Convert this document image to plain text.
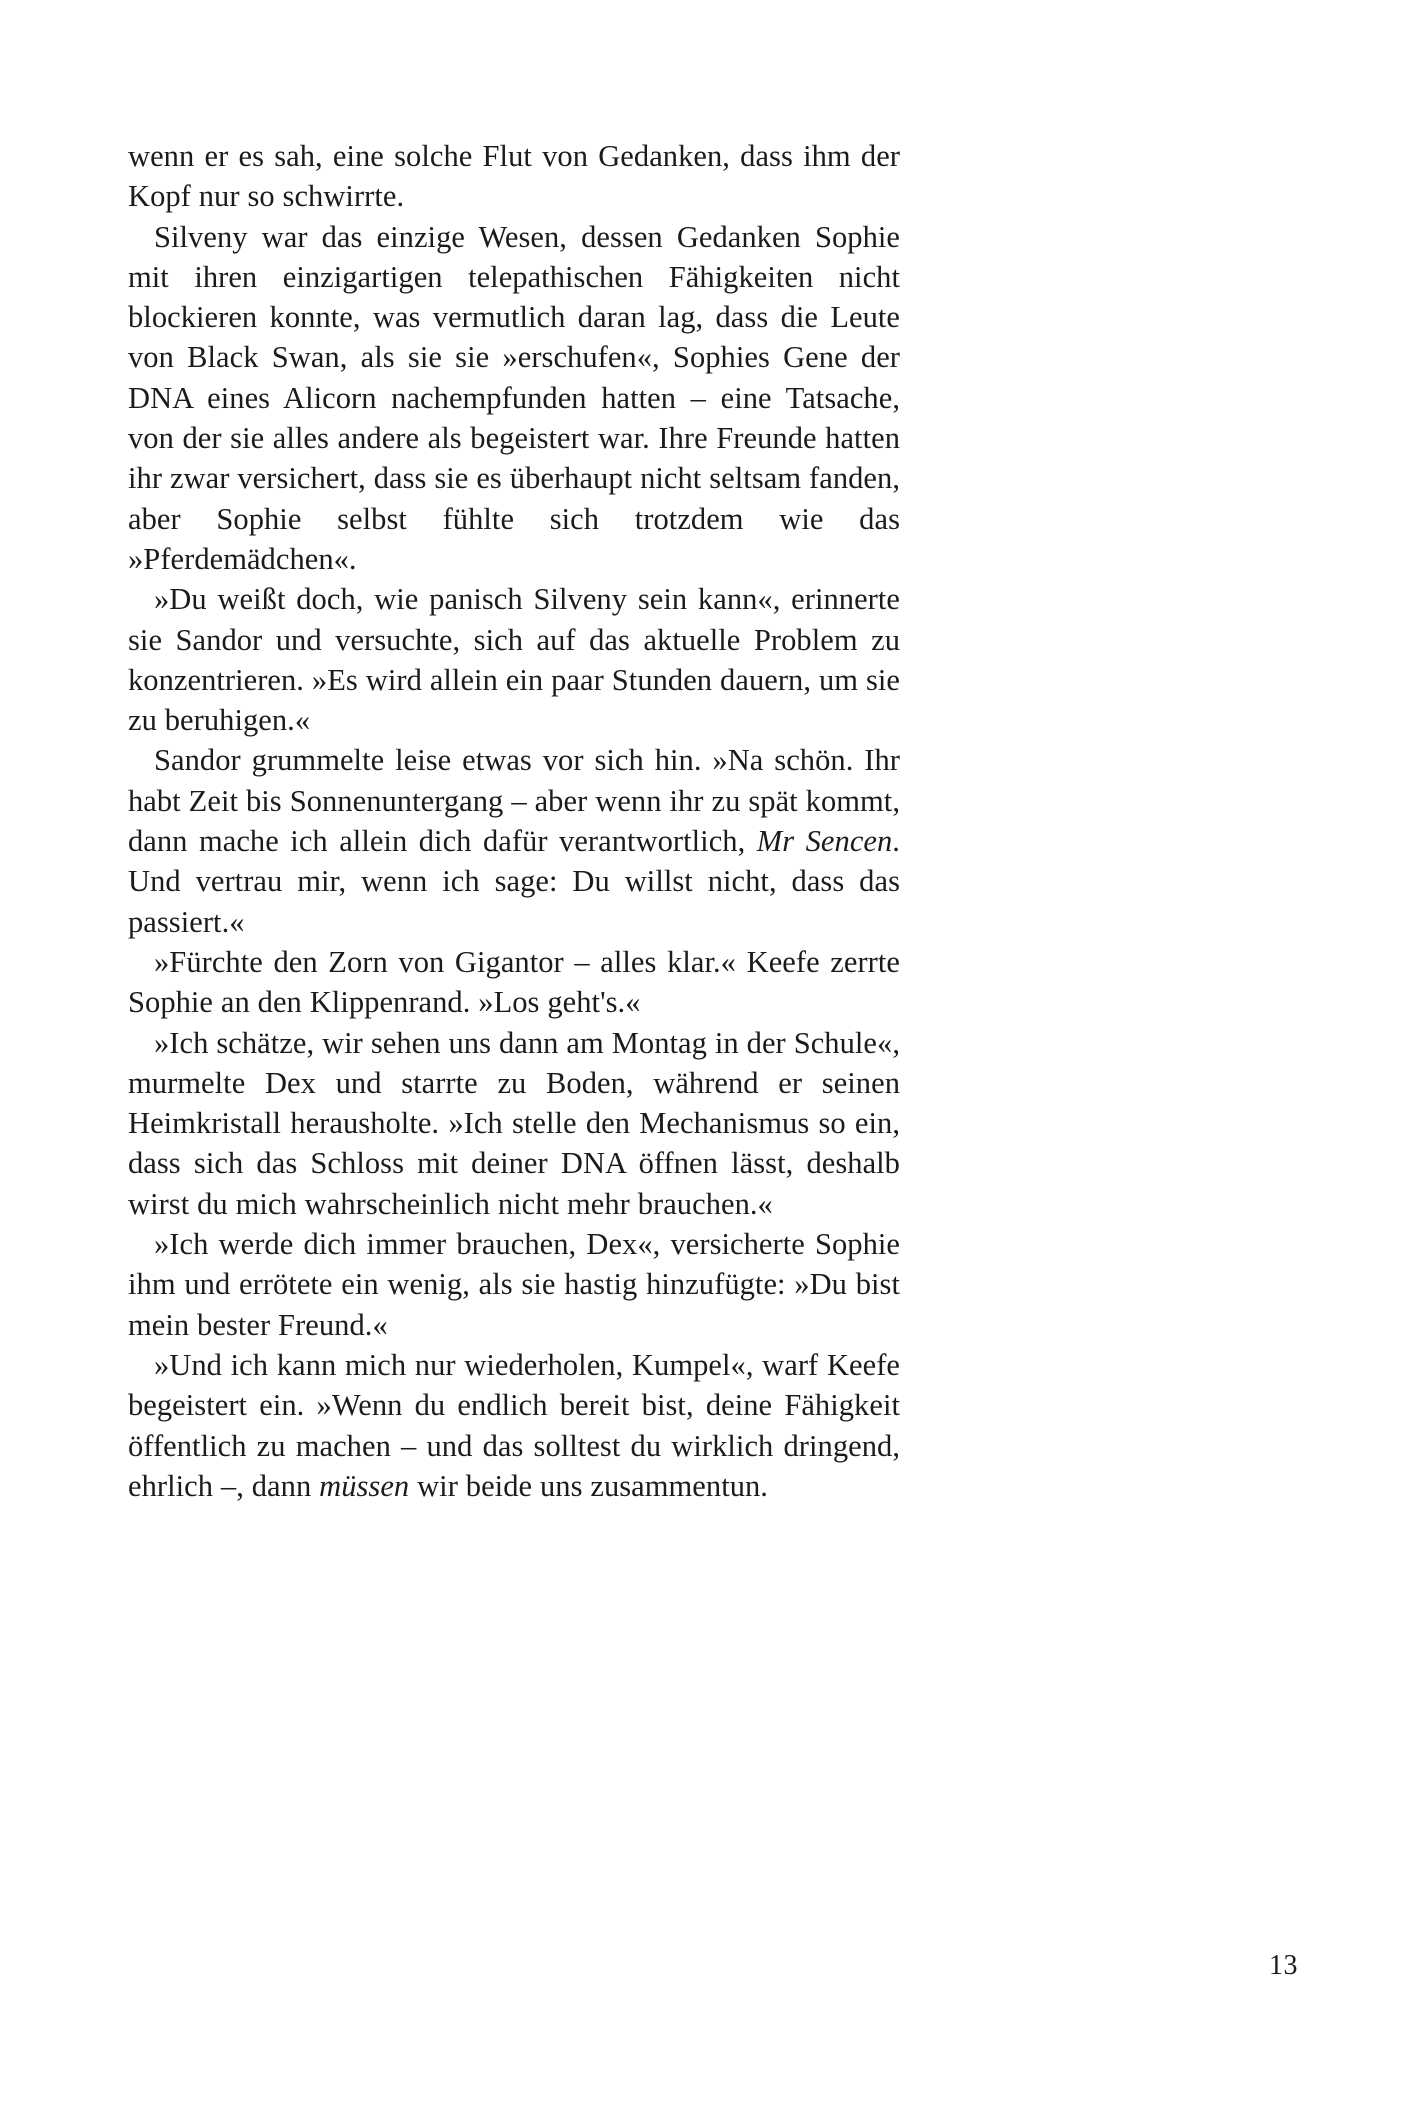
wenn er es sah, eine solche Flut von Gedanken, dass ihm der Kopf nur so schwirrte.

Silveny war das einzige Wesen, dessen Gedanken Sophie mit ihren einzigartigen telepathischen Fähigkeiten nicht blockieren konnte, was vermutlich daran lag, dass die Leute von Black Swan, als sie sie »erschufen«, Sophies Gene der DNA eines Alicorn nachempfunden hatten – eine Tatsache, von der sie alles andere als begeistert war. Ihre Freunde hatten ihr zwar versichert, dass sie es überhaupt nicht seltsam fanden, aber Sophie selbst fühlte sich trotzdem wie das »Pferdemädchen«.

»Du weißt doch, wie panisch Silveny sein kann«, erinnerte sie Sandor und versuchte, sich auf das aktuelle Problem zu konzentrieren. »Es wird allein ein paar Stunden dauern, um sie zu beruhigen.«

Sandor grummelte leise etwas vor sich hin. »Na schön. Ihr habt Zeit bis Sonnenuntergang – aber wenn ihr zu spät kommt, dann mache ich allein dich dafür verantwortlich, Mr Sencen. Und vertrau mir, wenn ich sage: Du willst nicht, dass das passiert.«

»Fürchte den Zorn von Gigantor – alles klar.« Keefe zerrte Sophie an den Klippenrand. »Los geht's.«

»Ich schätze, wir sehen uns dann am Montag in der Schule«, murmelte Dex und starrte zu Boden, während er seinen Heimkristall herausholte. »Ich stelle den Mechanismus so ein, dass sich das Schloss mit deiner DNA öffnen lässt, deshalb wirst du mich wahrscheinlich nicht mehr brauchen.«

»Ich werde dich immer brauchen, Dex«, versicherte Sophie ihm und errötete ein wenig, als sie hastig hinzufügte: »Du bist mein bester Freund.«

»Und ich kann mich nur wiederholen, Kumpel«, warf Keefe begeistert ein. »Wenn du endlich bereit bist, deine Fähigkeit öffentlich zu machen – und das solltest du wirklich dringend, ehrlich –, dann müssen wir beide uns zusammentun.

13
